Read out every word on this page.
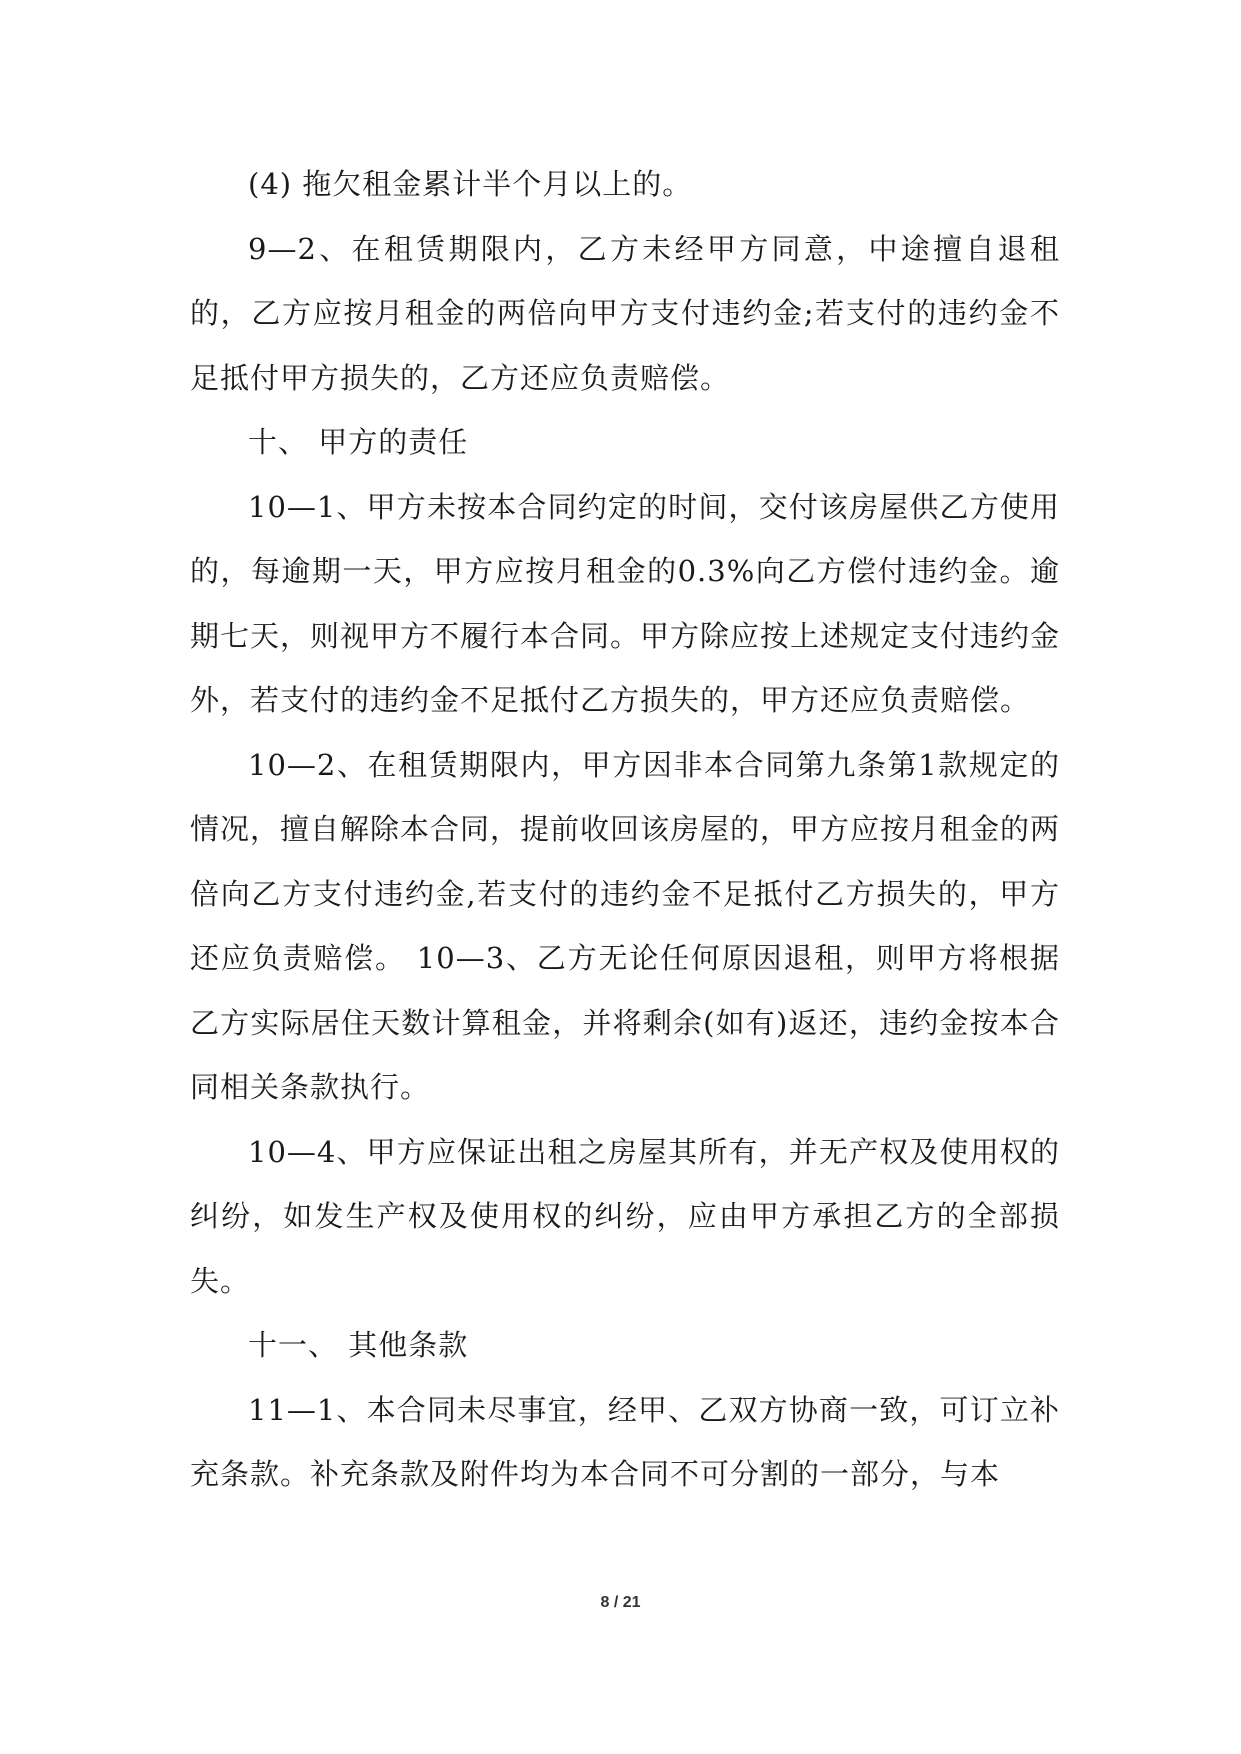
(4) 拖欠租金累计半个月以上的。

9—2、在租赁期限内，乙方未经甲方同意，中途擅自退租的，乙方应按月租金的两倍向甲方支付违约金;若支付的违约金不足抵付甲方损失的，乙方还应负责赔偿。

十、 甲方的责任

10—1、甲方未按本合同约定的时间，交付该房屋供乙方使用的，每逾期一天，甲方应按月租金的0.3%向乙方偿付违约金。逾期七天，则视甲方不履行本合同。甲方除应按上述规定支付违约金外，若支付的违约金不足抵付乙方损失的，甲方还应负责赔偿。

10—2、在租赁期限内，甲方因非本合同第九条第1款规定的情况，擅自解除本合同，提前收回该房屋的，甲方应按月租金的两倍向乙方支付违约金,若支付的违约金不足抵付乙方损失的，甲方还应负责赔偿。 10—3、乙方无论任何原因退租，则甲方将根据乙方实际居住天数计算租金，并将剩余(如有)返还，违约金按本合同相关条款执行。

10—4、甲方应保证出租之房屋其所有，并无产权及使用权的纠纷，如发生产权及使用权的纠纷，应由甲方承担乙方的全部损失。

十一、 其他条款

11—1、本合同未尽事宜，经甲、乙双方协商一致，可订立补充条款。补充条款及附件均为本合同不可分割的一部分，与本

8 / 21
